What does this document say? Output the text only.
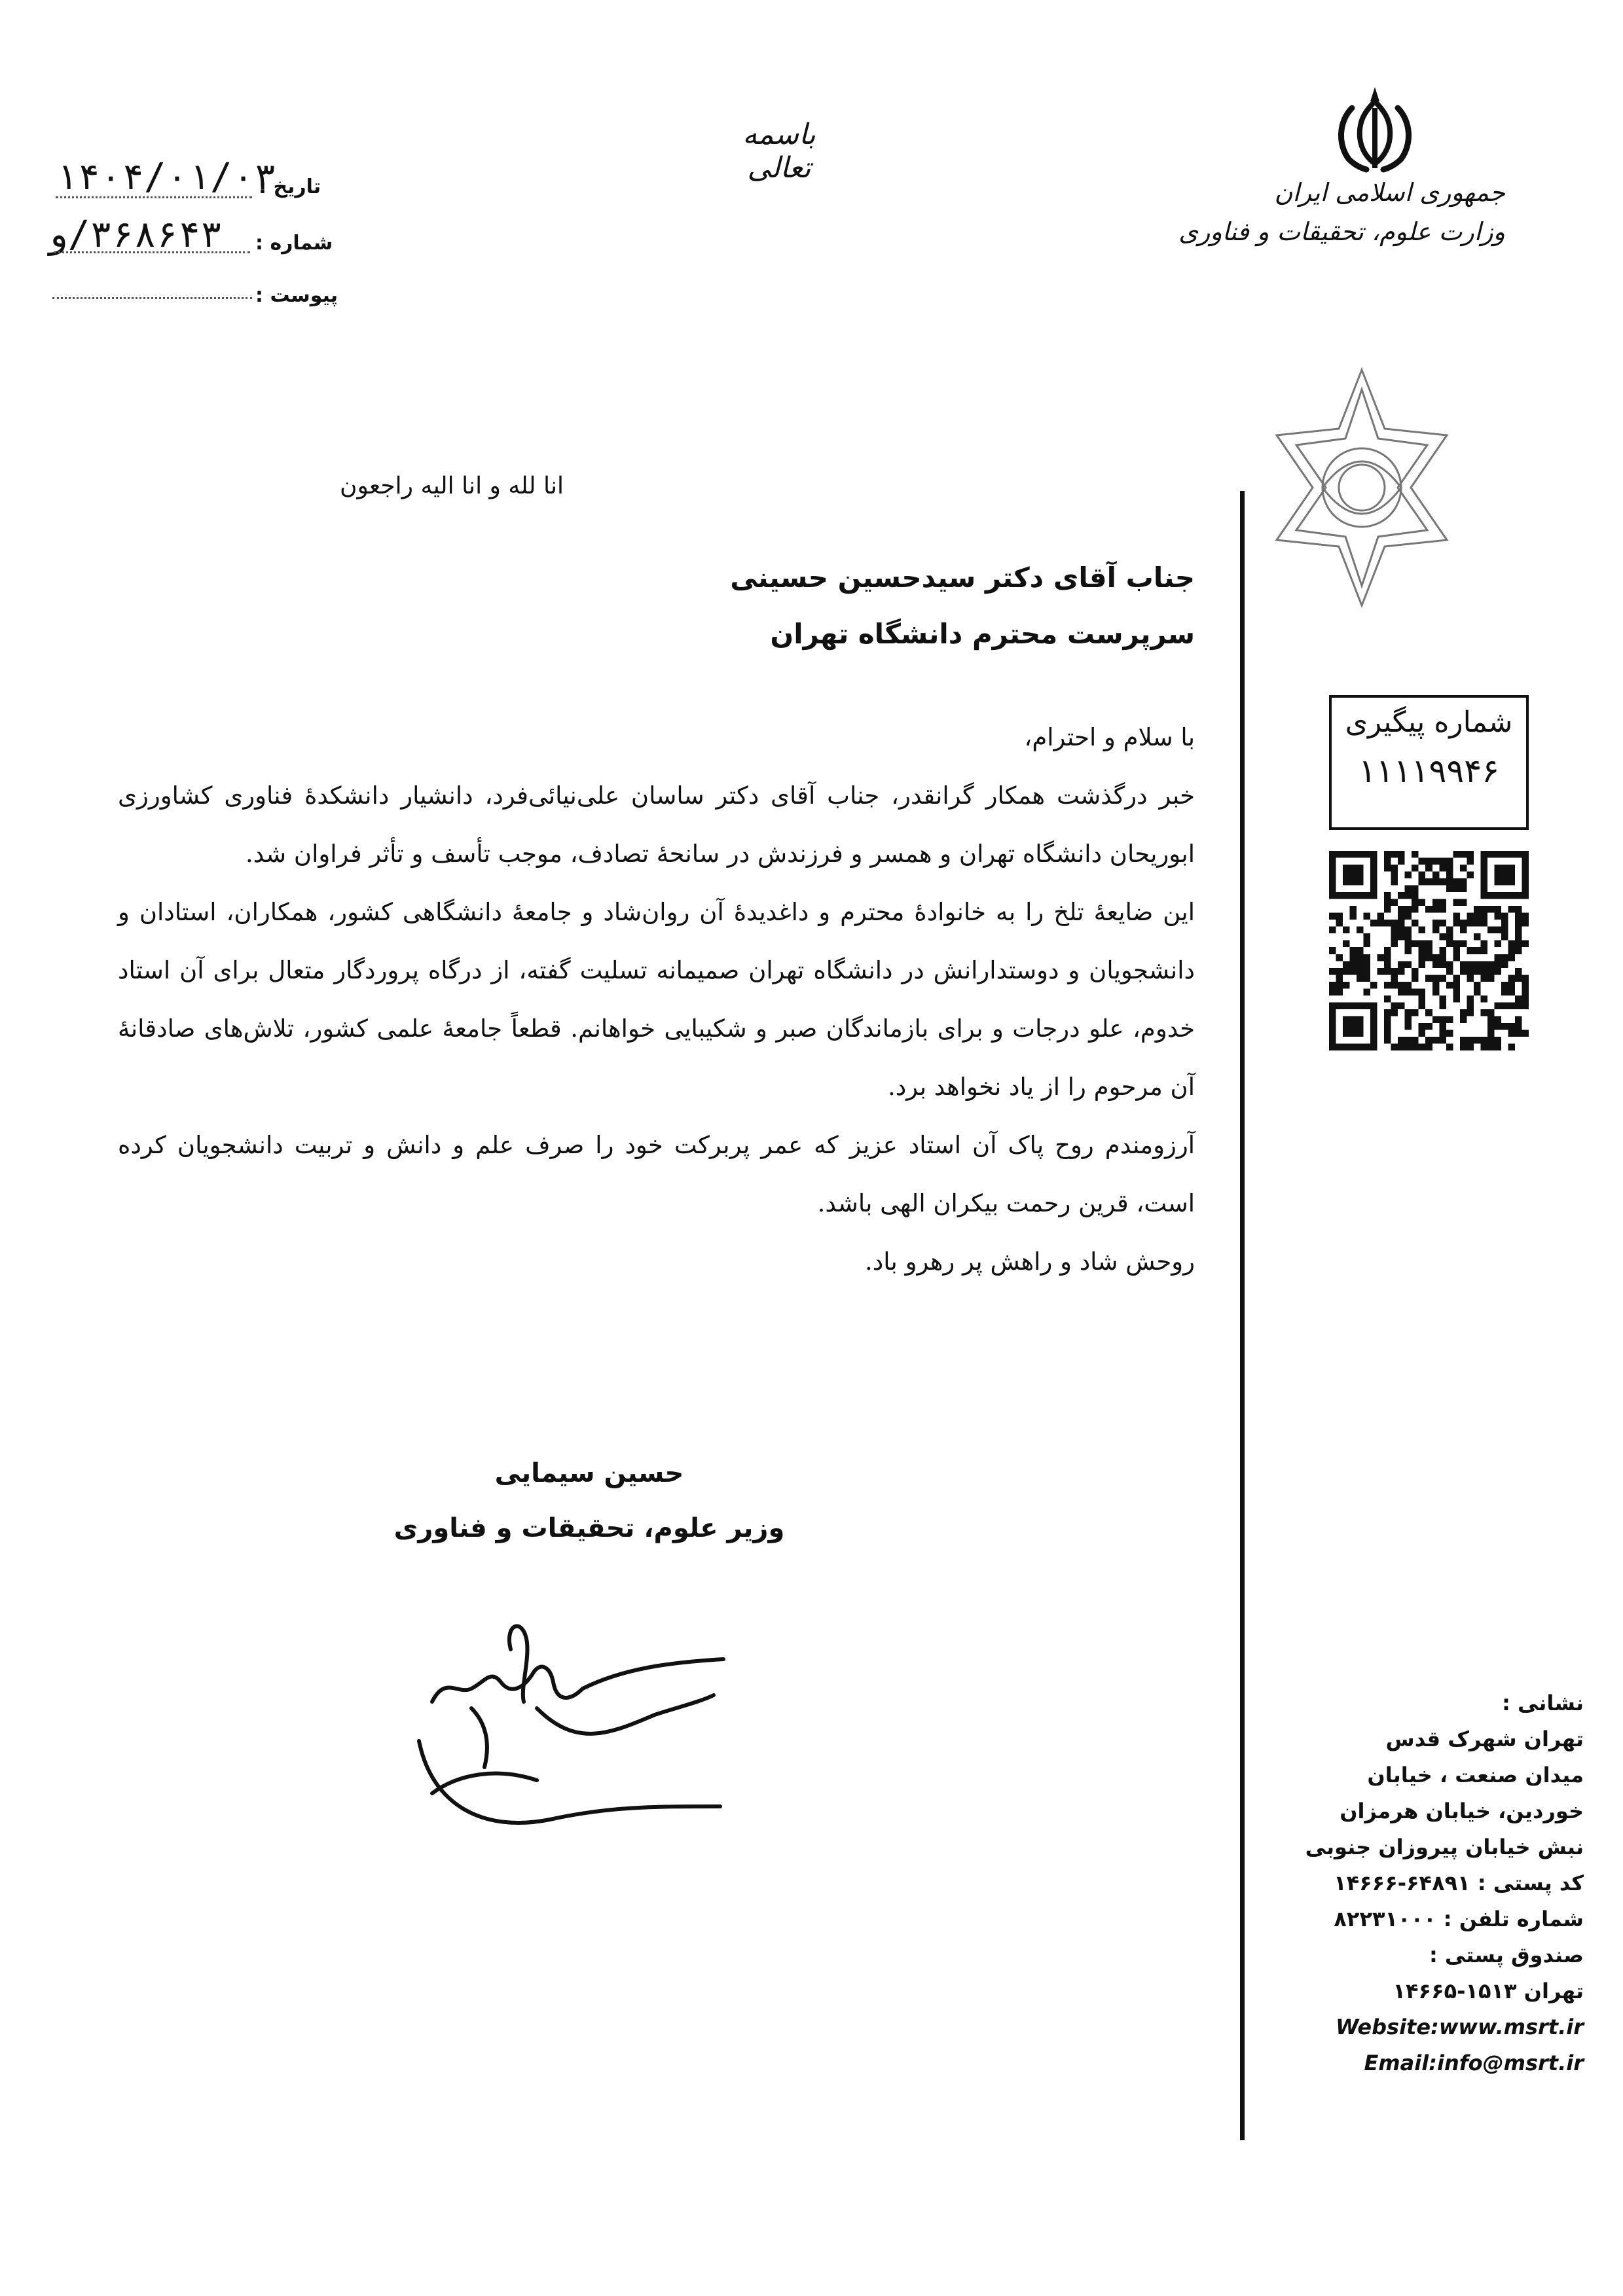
باسمه تعالی
جمهوری اسلامی ایران
وزارت علوم، تحقیقات و فناوری
۱۴۰۴/۰۱/۰۳
تاریخ :
۳۶۸۶۴۳/و شماره :
پیوست :
شماره پیگیری
۱۱۱۱۹۹۴۶
انا لله و انا الیه راجعون
جناب آقای دکتر سیدحسین حسینی
سرپرست محترم دانشگاه تهران
با سلام و احترام،
خبر درگذشت همکار گرانقدر، جناب آقای دکتر ساسان علی‌نیائی‌فرد، دانشیار دانشکدهٔ فناوری کشاورزی ابوریحان دانشگاه تهران و همسر و فرزندش در سانحهٔ تصادف، موجب تأسف و تأثر فراوان شد.
این ضایعهٔ تلخ را به خانوادهٔ محترم و داغدیدهٔ آن روان‌شاد و جامعهٔ دانشگاهی کشور، همکاران، استادان و دانشجویان و دوستدارانش در دانشگاه تهران صمیمانه تسلیت گفته، از درگاه پروردگار متعال برای آن استاد خدوم، علو درجات و برای بازماندگان صبر و شکیبایی خواهانم. قطعاً جامعهٔ علمی کشور، تلاش‌های صادقانهٔ آن مرحوم را از یاد نخواهد برد.
آرزومندم روح پاک آن استاد عزیز که عمر پربرکت خود را صرف علم و دانش و تربیت دانشجویان کرده است، قرین رحمت بیکران الهی باشد.
روحش شاد و راهش پر رهرو باد.
حسین سیمایی
وزیر علوم، تحقیقات و فناوری
نشانی :
تهران شهرک قدس
میدان صنعت ، خیابان
خوردین، خیابان هرمزان
نبش خیابان پیروزان جنوبی
کد پستی : ۶۴۸۹۱-۱۴۶۶۶
شماره تلفن : ۸۲۲۳۱۰۰۰
صندوق پستی :
تهران ۱۵۱۳-۱۴۶۶۵
Website:www.msrt.ir
Email:info@msrt.ir
